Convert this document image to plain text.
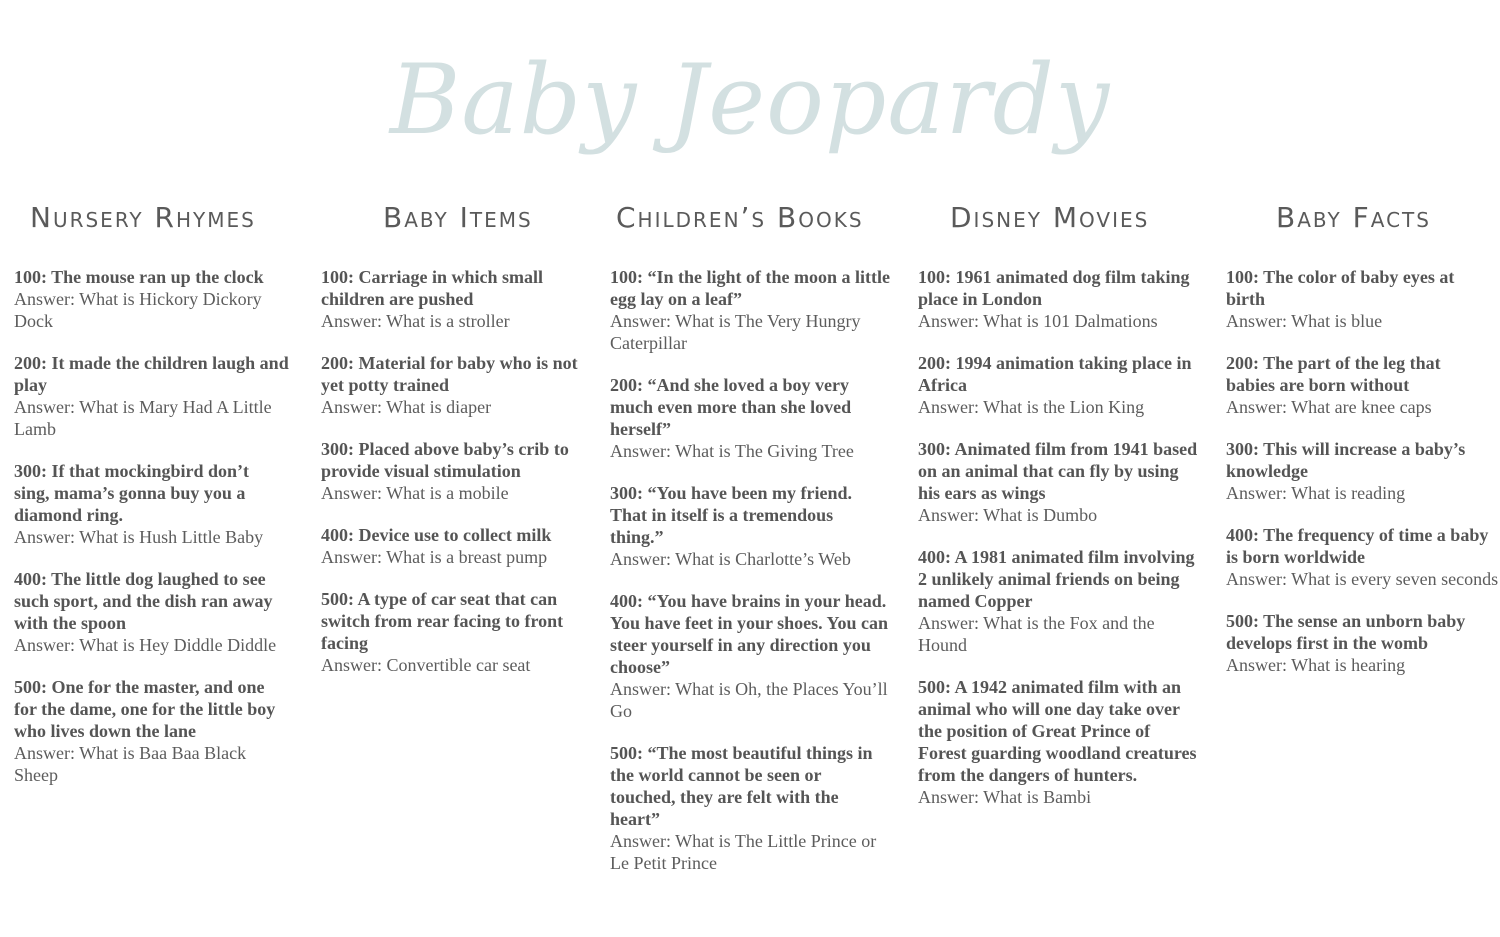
Baby Jeopardy
Nursery Rhymes
100: The mouse ran up the clock
Answer: What is Hickory Dickory Dock
200: It made the children laugh and play
Answer: What is Mary Had A Little Lamb
300: If that mockingbird don’t sing, mama’s gonna buy you a diamond ring.
Answer: What is Hush Little Baby
400: The little dog laughed to see such sport, and the dish ran away with the spoon
Answer: What is Hey Diddle Diddle
500: One for the master, and one for the dame, one for the little boy who lives down the lane
Answer: What is Baa Baa Black Sheep
Baby Items
100: Carriage in which small children are pushed
Answer: What is a stroller
200: Material for baby who is not yet potty trained
Answer: What is diaper
300: Placed above baby’s crib to provide visual stimulation
Answer: What is a mobile
400: Device use to collect milk
Answer: What is a breast pump
500: A type of car seat that can switch from rear facing to front facing
Answer: Convertible car seat
Children’s Books
100: “In the light of the moon a little egg lay on a leaf”
Answer: What is The Very Hungry Caterpillar
200: “And she loved a boy very much even more than she loved herself”
Answer: What is The Giving Tree
300: “You have been my friend. That in itself is a tremendous thing.”
Answer: What is Charlotte’s Web
400: “You have brains in your head. You have feet in your shoes. You can steer yourself in any direction you choose”
Answer: What is Oh, the Places You’ll Go
500: “The most beautiful things in the world cannot be seen or touched, they are felt with the heart”
Answer: What is The Little Prince or Le Petit Prince
Disney Movies
100: 1961 animated dog film taking place in London
Answer: What is 101 Dalmations
200: 1994 animation taking place in Africa
Answer: What is the Lion King
300: Animated film from 1941 based on an animal that can fly by using his ears as wings
Answer: What is Dumbo
400: A 1981 animated film involving 2 unlikely animal friends on being named Copper
Answer: What is the Fox and the Hound
500: A 1942 animated film with an animal who will one day take over the position of Great Prince of Forest guarding woodland creatures from the dangers of hunters.
Answer: What is Bambi
Baby Facts
100: The color of baby eyes at birth
Answer: What is blue
200: The part of the leg that babies are born without
Answer: What are knee caps
300: This will increase a baby’s knowledge
Answer: What is reading
400: The frequency of time a baby is born worldwide
Answer: What is every seven seconds
500: The sense an unborn baby develops first in the womb
Answer: What is hearing
